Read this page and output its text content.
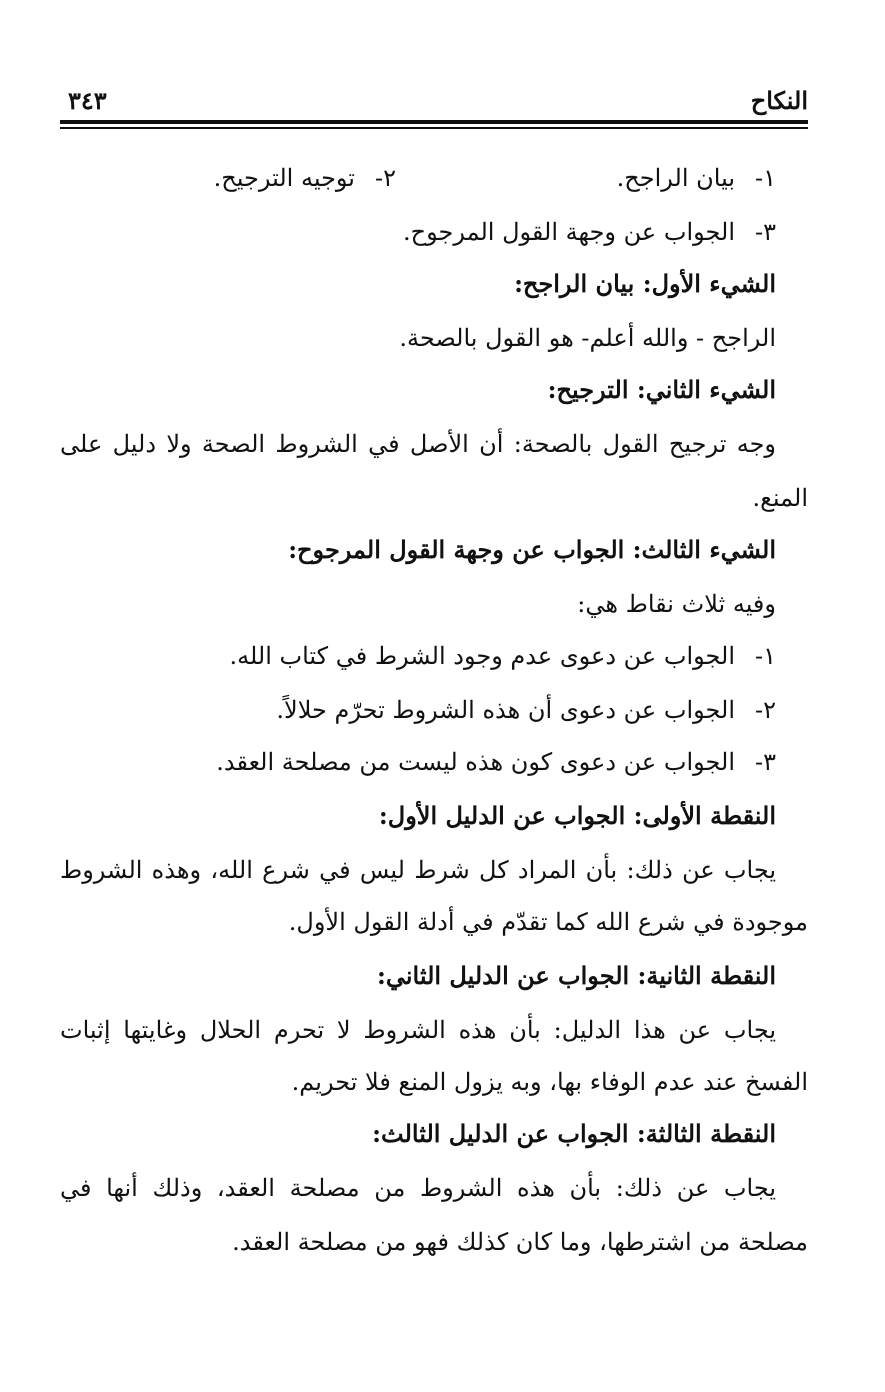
النكاح
٣٤٣
١-بيان الراجح.
٢-توجيه الترجيح.
٣-الجواب عن وجهة القول المرجوح.
الشيء الأول: بيان الراجح:
الراجح - والله أعلم- هو القول بالصحة.
الشيء الثاني: الترجيح:
وجه ترجيح القول بالصحة: أن الأصل في الشروط الصحة ولا دليل على
المنع.
الشيء الثالث: الجواب عن وجهة القول المرجوح:
وفيه ثلاث نقاط هي:
١-الجواب عن دعوى عدم وجود الشرط في كتاب الله.
٢-الجواب عن دعوى أن هذه الشروط تحرّم حلالاً.
٣-الجواب عن دعوى كون هذه ليست من مصلحة العقد.
النقطة الأولى: الجواب عن الدليل الأول:
يجاب عن ذلك: بأن المراد كل شرط ليس في شرع الله، وهذه الشروط
موجودة في شرع الله كما تقدّم في أدلة القول الأول.
النقطة الثانية: الجواب عن الدليل الثاني:
يجاب عن هذا الدليل: بأن هذه الشروط لا تحرم الحلال وغايتها إثبات
الفسخ عند عدم الوفاء بها، وبه يزول المنع فلا تحريم.
النقطة الثالثة: الجواب عن الدليل الثالث:
يجاب عن ذلك: بأن هذه الشروط من مصلحة العقد، وذلك أنها في
مصلحة من اشترطها، وما كان كذلك فهو من مصلحة العقد.
